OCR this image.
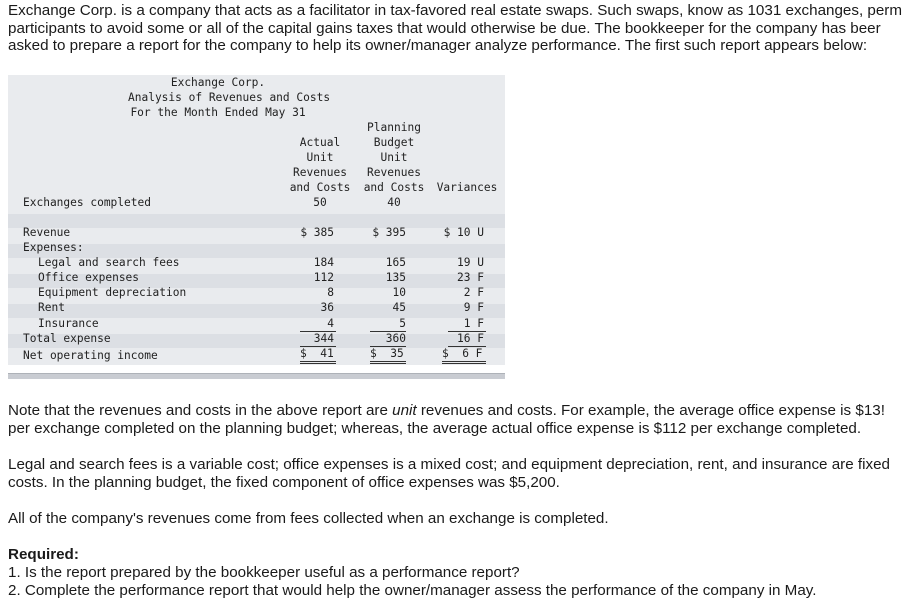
Exchange Corp. is a company that acts as a facilitator in tax-favored real estate swaps. Such swaps, know as 1031 exchanges, perm
participants to avoid some or all of the capital gains taxes that would otherwise be due. The bookkeeper for the company has beer
asked to prepare a report for the company to help its owner/manager analyze performance. The first such report appears below:
Exchange Corp.
Analysis of Revenues and Costs
For the Month Ended May 31
Actual
Unit
Revenues
and Costs
Planning
Budget
Unit
Revenues
and Costs	Variances
Exchanges completed	50	40
Revenue	$ 385	$ 395	$ 10 U
Expenses:
Legal and search fees	184	165	19 U
Office expenses	112	135	23 F
Equipment depreciation	8	10	2 F
Rent	36	45	9 F
Insurance	4	5	1 F
Total expense	344	360	16 F
Net operating income	$  41	$  35	$  6 F
Note that the revenues and costs in the above report are unit revenues and costs. For example, the average office expense is $13!
per exchange completed on the planning budget; whereas, the average actual office expense is $112 per exchange completed.
Legal and search fees is a variable cost; office expenses is a mixed cost; and equipment depreciation, rent, and insurance are fixed
costs. In the planning budget, the fixed component of office expenses was $5,200.
All of the company's revenues come from fees collected when an exchange is completed.
Required:
1. Is the report prepared by the bookkeeper useful as a performance report?
2. Complete the performance report that would help the owner/manager assess the performance of the company in May.
